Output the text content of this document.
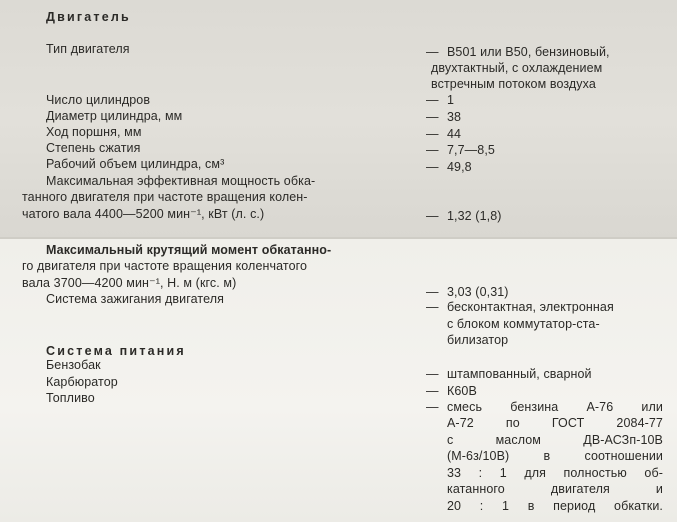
Двигатель
Тип двигателя	— В501 или В50, бензиновый,
двухтактный, с охлаждением
встречным потоком воздуха
Число цилиндров	— 1
Диаметр цилиндра, мм	— 38
Ход поршня, мм	— 44
Степень сжатия	— 7,7—8,5
Рабочий объем цилиндра, см³	— 49,8
Максимальная эффективная мощность обка-
танного двигателя при частоте вращения колен-
чатого вала 4400—5200 мин⁻¹, кВт (л. с.)	— 1,32 (1,8)
Максимальный крутящий момент обкатанно-
го двигателя при частоте вращения коленчатого
вала 3700—4200 мин⁻¹, Н. м (кгс. м)
— 3,03 (0,31)
Система зажигания двигателя
— бесконтактная, электронная
с блоком коммутатор-ста-
билизатор
Система питания
Бензобак
— штампованный, сварной
Карбюратор
— К60В
Топливо
— смесь бензина А-76 или
А-72 по ГОСТ 2084-77
с маслом ДВ-АСЗп-10В
(М-6з/10В) в соотношении
33 : 1 для полностью об-
катанного двигателя и
20 : 1 в период обкатки.
